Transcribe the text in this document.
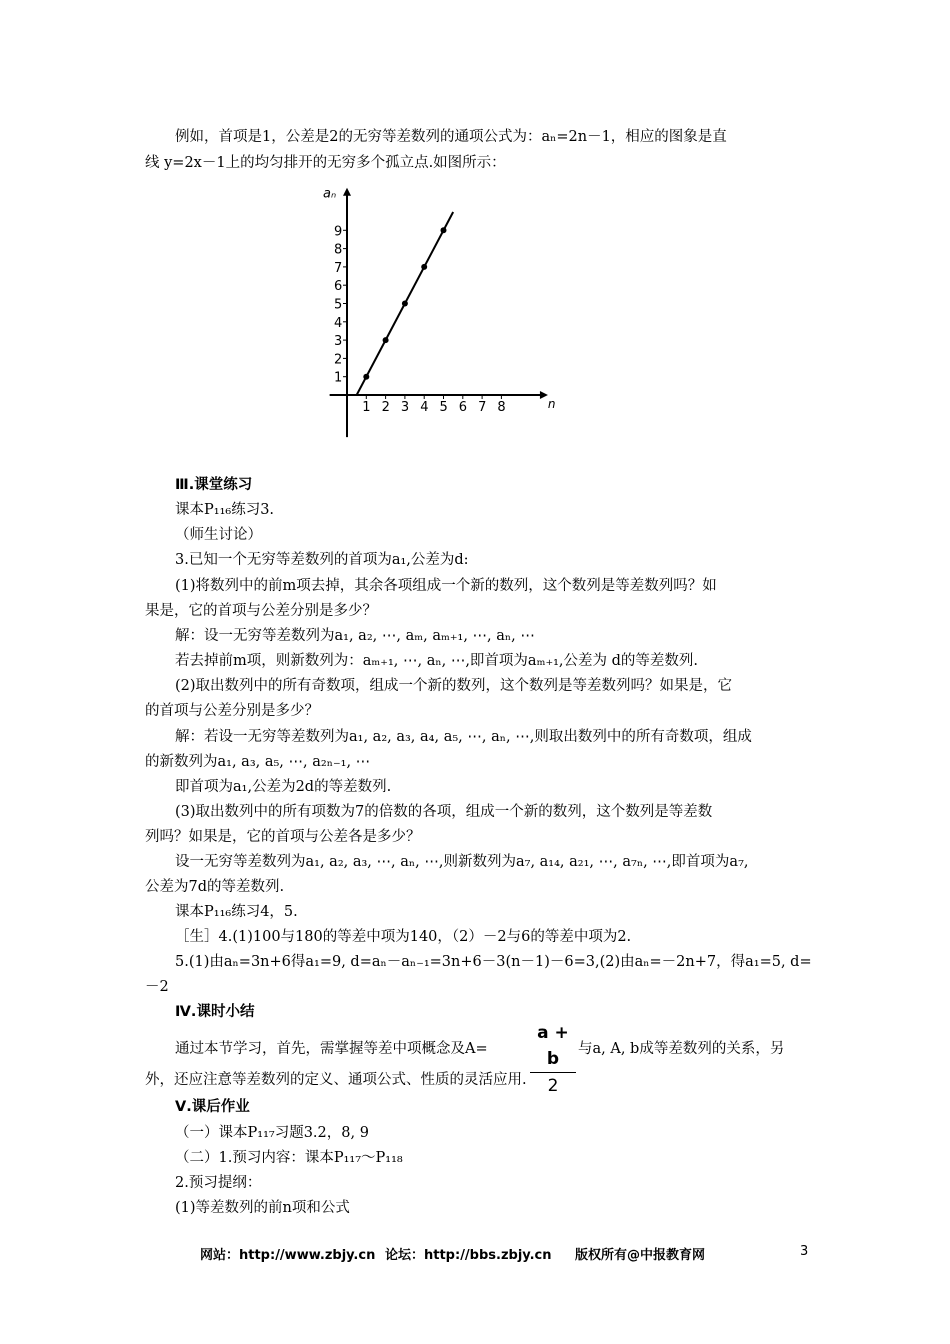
例如，首项是1，公差是2的无穷等差数列的通项公式为：aₙ=2n－1，相应的图象是直
线 y=2x－1上的均匀排开的无穷多个孤立点.如图所示：
n
aₙ
1 2 3 4 5 6 7 8
1
2
3
4
5
6
7
8
9
Ⅲ.课堂练习
课本P₁₁₆练习3.
（师生讨论）
3.已知一个无穷等差数列的首项为a₁,公差为d:
(1)将数列中的前m项去掉，其余各项组成一个新的数列，这个数列是等差数列吗？如
果是，它的首项与公差分别是多少？
解：设一无穷等差数列为a₁, a₂, ⋯, aₘ, aₘ₊₁, ⋯, aₙ, ⋯
若去掉前m项，则新数列为：aₘ₊₁, ⋯, aₙ, ⋯,即首项为aₘ₊₁,公差为 d的等差数列.
(2)取出数列中的所有奇数项，组成一个新的数列，这个数列是等差数列吗？如果是，它
的首项与公差分别是多少？
解：若设一无穷等差数列为a₁, a₂, a₃, a₄, a₅, ⋯, aₙ, ⋯,则取出数列中的所有奇数项，组成
的新数列为a₁, a₃, a₅, ⋯, a₂ₙ₋₁, ⋯
即首项为a₁,公差为2d的等差数列.
(3)取出数列中的所有项数为7的倍数的各项，组成一个新的数列，这个数列是等差数
列吗？如果是，它的首项与公差各是多少？
设一无穷等差数列为a₁, a₂, a₃, ⋯, aₙ, ⋯,则新数列为a₇, a₁₄, a₂₁, ⋯, a₇ₙ, ⋯,即首项为a₇,
公差为7d的等差数列.
课本P₁₁₆练习4，5.
［生］4.(1)100与180的等差中项为140，（2）－2与6的等差中项为2.
5.(1)由aₙ=3n+6得a₁=9, d=aₙ－aₙ₋₁=3n+6－3(n－1)－6=3,(2)由aₙ=－2n+7，得a₁=5, d=
－2
Ⅳ.课时小结
通过本节学习，首先，需掌握等差中项概念及A=	$\frac{a + b}{2}$ 与a, A, b成等差数列的关系，另
外，还应注意等差数列的定义、通项公式、性质的灵活应用.
Ⅴ.课后作业
（一）课本P₁₁₇习题3.2，8, 9
（二）1.预习内容：课本P₁₁₇～P₁₁₈
2.预习提纲：
(1)等差数列的前n项和公式
网站：http://www.zbjy.cn 论坛：http://bbs.zbjy.cn 版权所有@中报教育网	3
